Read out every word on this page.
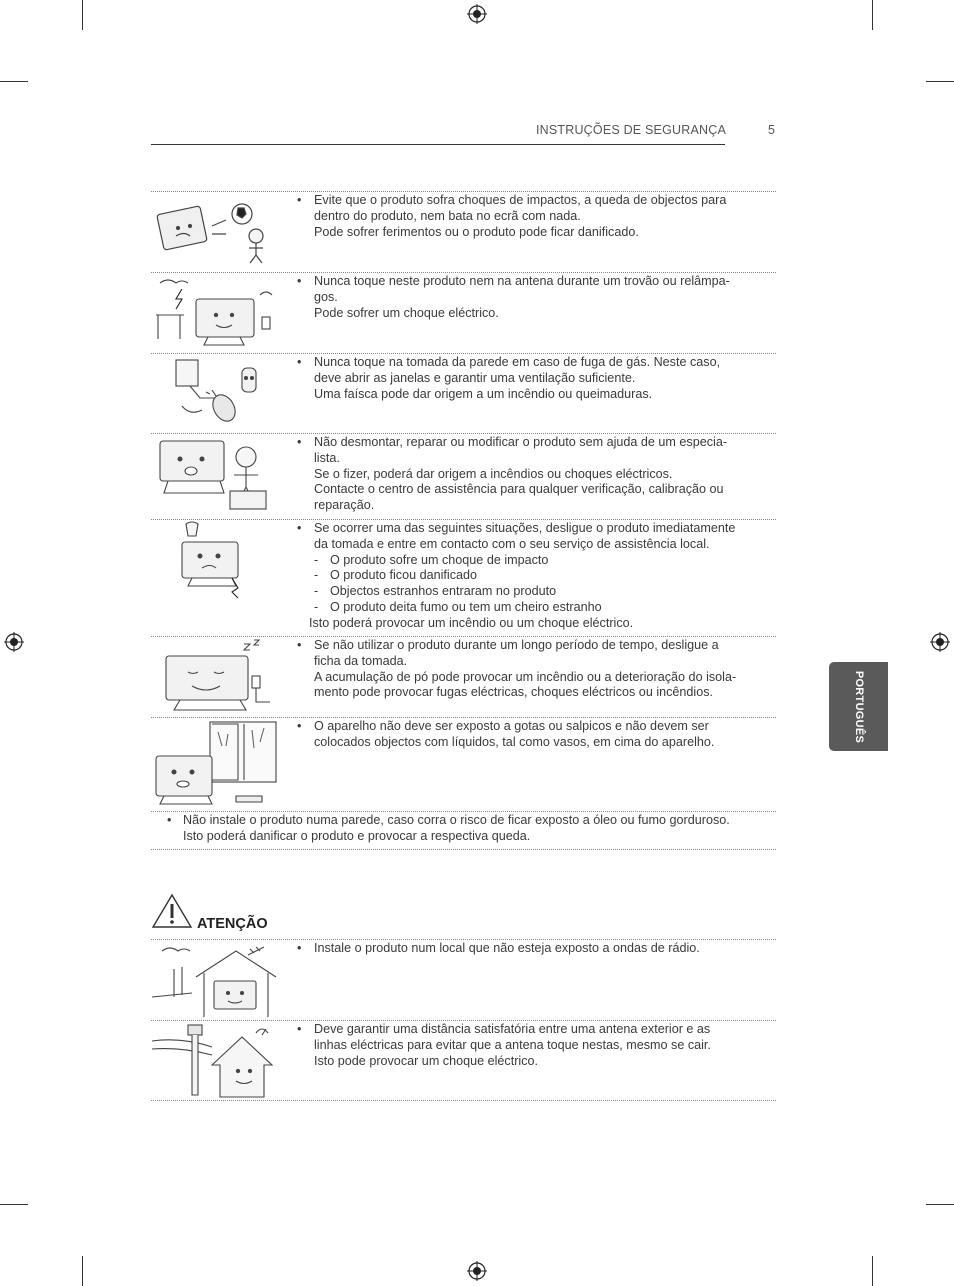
INSTRUÇÕES DE SEGURANÇA	5
PORTUGUÊS
• Evite que o produto sofra choques de impactos, a queda de objectos para
dentro do produto, nem bata no ecrã com nada.
Pode sofrer ferimentos ou o produto pode ficar danificado.
• Nunca toque neste produto nem na antena durante um trovão ou relâmpa-
gos.
Pode sofrer um choque eléctrico.
• Nunca toque na tomada da parede em caso de fuga de gás. Neste caso,
deve abrir as janelas e garantir uma ventilação suficiente.
Uma faísca pode dar origem a um incêndio ou queimaduras.
• Não desmontar, reparar ou modificar o produto sem ajuda de um especia-
lista.
Se o fizer, poderá dar origem a incêndios ou choques eléctricos.
Contacte o centro de assistência para qualquer verificação, calibração ou
reparação.
• Se ocorrer uma das seguintes situações, desligue o produto imediatamente
da tomada e entre em contacto com o seu serviço de assistência local.
- O produto sofre um choque de impacto
- O produto ficou danificado
- Objectos estranhos entraram no produto
- O produto deita fumo ou tem um cheiro estranho
Isto poderá provocar um incêndio ou um choque eléctrico.
• Se não utilizar o produto durante um longo período de tempo, desligue a
ficha da tomada.
A acumulação de pó pode provocar um incêndio ou a deterioração do isola-
mento pode provocar fugas eléctricas, choques eléctricos ou incêndios.
• O aparelho não deve ser exposto a gotas ou salpicos e não devem ser
colocados objectos com líquidos, tal como vasos, em cima do aparelho.
• Não instale o produto numa parede, caso corra o risco de ficar exposto a óleo ou fumo gorduroso.
Isto poderá danificar o produto e provocar a respectiva queda.
ATENÇÃO
• Instale o produto num local que não esteja exposto a ondas de rádio.
• Deve garantir uma distância satisfatória entre uma antena exterior e as
linhas eléctricas para evitar que a antena toque nestas, mesmo se cair.
Isto pode provocar um choque eléctrico.
